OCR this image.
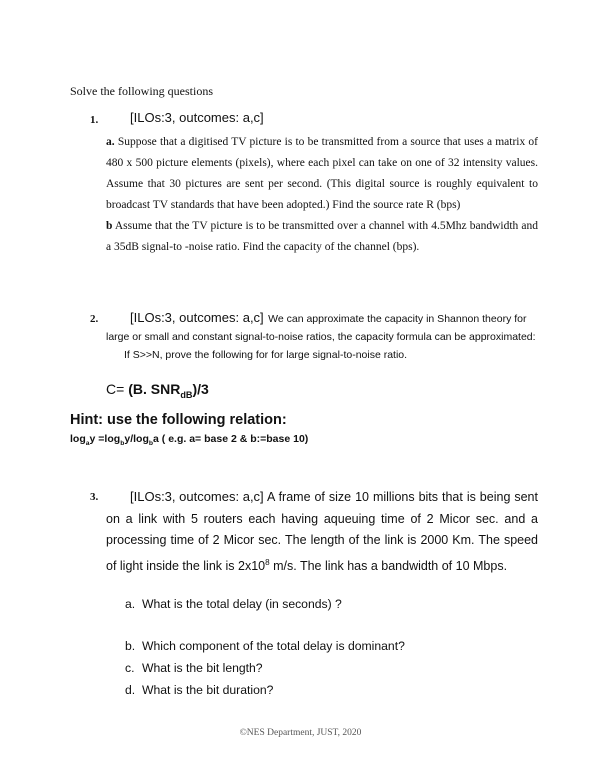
Solve the following questions
1. [ILOs:3, outcomes: a,c]
a. Suppose that a digitised TV picture is to be transmitted from a source that uses a matrix of 480 x 500 picture elements (pixels), where each pixel can take on one of 32 intensity values. Assume that 30 pictures are sent per second. (This digital source is roughly equivalent to broadcast TV standards that have been adopted.) Find the source rate R (bps)
b Assume that the TV picture is to be transmitted over a channel with 4.5Mhz bandwidth and a 35dB signal-to -noise ratio. Find the capacity of the channel (bps).
2. [ILOs:3, outcomes: a,c] We can approximate the capacity in Shannon theory for
large or small and constant signal-to-noise ratios, the capacity formula can be approximated:
If S>>N, prove the following for for large signal-to-noise ratio.
C= (B. $SNR_{dB})/3$
Hint: use the following relation:
$\log_ay =\log_by/\log_ba$ ( e.g. a= base 2 & b:=base 10)
3.	[ILOs:3, outcomes: a,c] A frame of size 10 millions bits that is being sent on a link with 5 routers each having aqueuing time of 2 Micor sec. and a processing time of 2 Micor sec. The length of the link is 2000 Km. The speed of light inside the link is $2x10^8$ m/s. The link has a bandwidth of 10 Mbps.
a. What is the total delay (in seconds) ?
b. Which component of the total delay is dominant?
c. What is the bit length?
d. What is the bit duration?
©NES Department, JUST, 2020
